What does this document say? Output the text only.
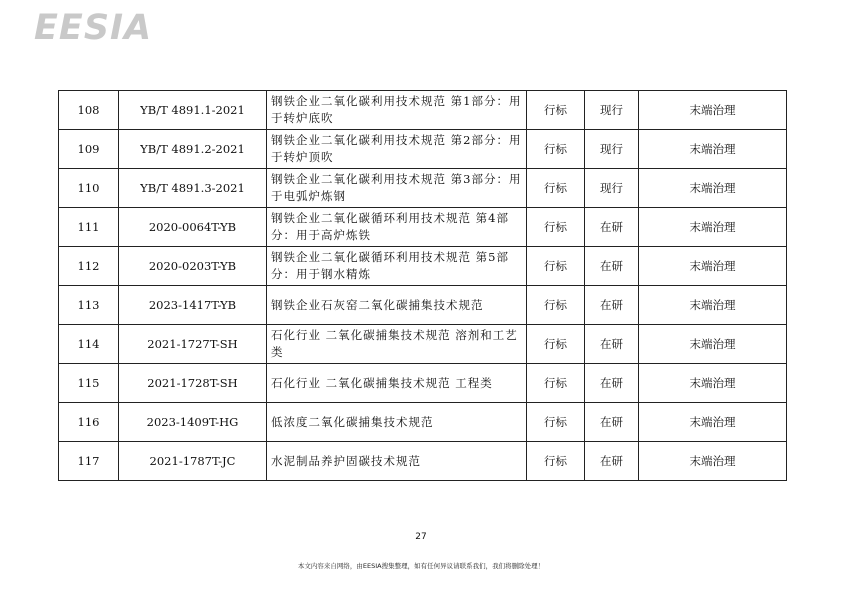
EESIA
108	YB/T 4891.1-2021	钢铁企业二氧化碳利用技术规范 第1部分：用于转炉底吹	行标	现行	末端治理
109	YB/T 4891.2-2021	钢铁企业二氧化碳利用技术规范 第2部分：用于转炉顶吹	行标	现行	末端治理
110	YB/T 4891.3-2021	钢铁企业二氧化碳利用技术规范 第3部分：用于电弧炉炼钢	行标	现行	末端治理
111	2020-0064T-YB	钢铁企业二氧化碳循环利用技术规范 第4部分：用于高炉炼铁	行标	在研	末端治理
112	2020-0203T-YB	钢铁企业二氧化碳循环利用技术规范 第5部分：用于钢水精炼	行标	在研	末端治理
113	2023-1417T-YB	钢铁企业石灰窑二氧化碳捕集技术规范	行标	在研	末端治理
114	2021-1727T-SH	石化行业 二氧化碳捕集技术规范 溶剂和工艺类	行标	在研	末端治理
115	2021-1728T-SH	石化行业 二氧化碳捕集技术规范 工程类	行标	在研	末端治理
116	2023-1409T-HG	低浓度二氧化碳捕集技术规范	行标	在研	末端治理
117	2021-1787T-JC	水泥制品养护固碳技术规范	行标	在研	末端治理
27
本文内容来自网络，由EESIA搜集整理，如有任何异议请联系我们，我们将删除处理！
